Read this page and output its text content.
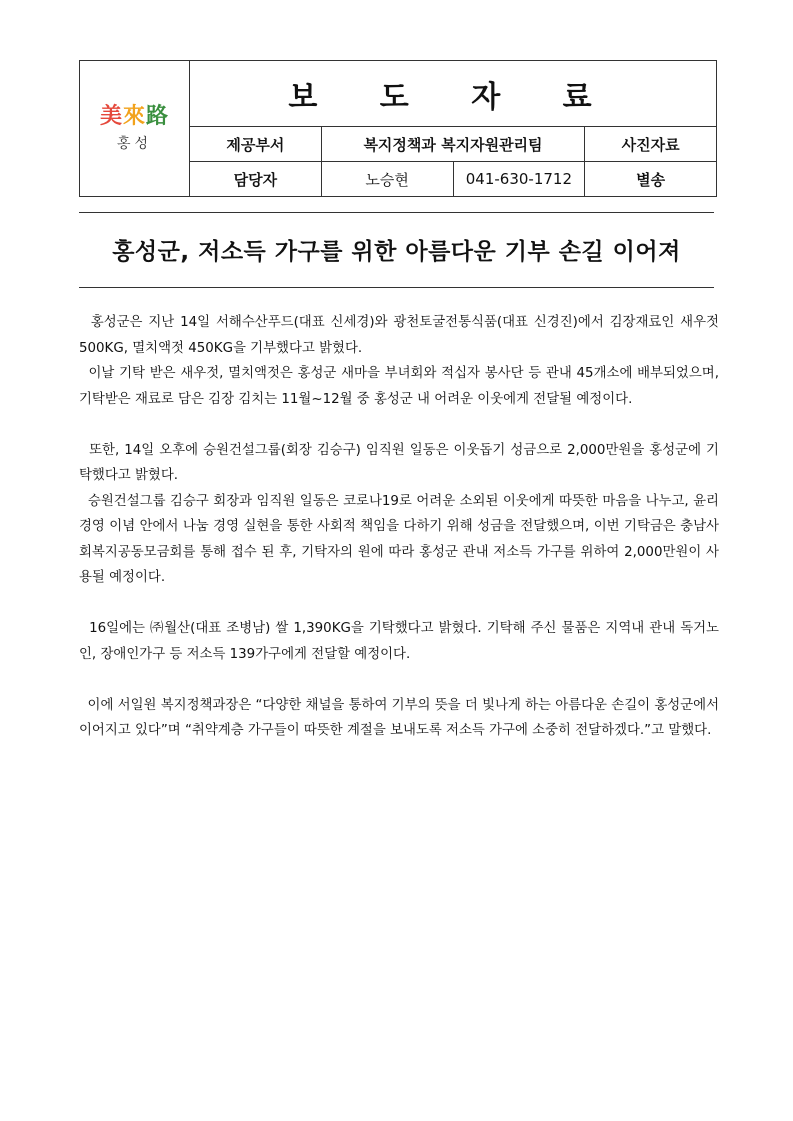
美來路
홍성	보 도 자 료			
	제공부서	복지정책과 복지자원관리팀		사진자료
	담당자	노승현	041-630-1712	별송
홍성군, 저소득 가구를 위한 아름다운 기부 손길 이어져

홍성군은 지난 14일 서해수산푸드(대표 신세경)와 광천토굴전통식품(대표 신경진)에서 김장재료인 새우젓 500KG, 멸치액젓 450KG을 기부했다고 밝혔다.

이날 기탁 받은 새우젓, 멸치액젓은 홍성군 새마을 부녀회와 적십자 봉사단 등 관내 45개소에 배부되었으며, 기탁받은 재료로 담은 김장 김치는 11월~12월 중 홍성군 내 어려운 이웃에게 전달될 예정이다.

또한, 14일 오후에 승원건설그룹(회장 김승구) 임직원 일동은 이웃돕기 성금으로 2,000만원을 홍성군에 기탁했다고 밝혔다.

승원건설그룹 김승구 회장과 임직원 일동은 코로나19로 어려운 소외된 이웃에게 따뜻한 마음을 나누고, 윤리경영 이념 안에서 나눔 경영 실현을 통한 사회적 책임을 다하기 위해 성금을 전달했으며, 이번 기탁금은 충남사회복지공동모금회를 통해 접수 된 후, 기탁자의 원에 따라 홍성군 관내 저소득 가구를 위하여 2,000만원이 사용될 예정이다.

16일에는 ㈜월산(대표 조병남) 쌀 1,390KG을 기탁했다고 밝혔다. 기탁해 주신 물품은 지역내 관내 독거노인, 장애인가구 등 저소득 139가구에게 전달할 예정이다.

이에 서일원 복지정책과장은 “다양한 채널을 통하여 기부의 뜻을 더 빛나게 하는 아름다운 손길이 홍성군에서 이어지고 있다”며 “취약계층 가구들이 따뜻한 계절을 보내도록 저소득 가구에 소중히 전달하겠다.”고 말했다.
